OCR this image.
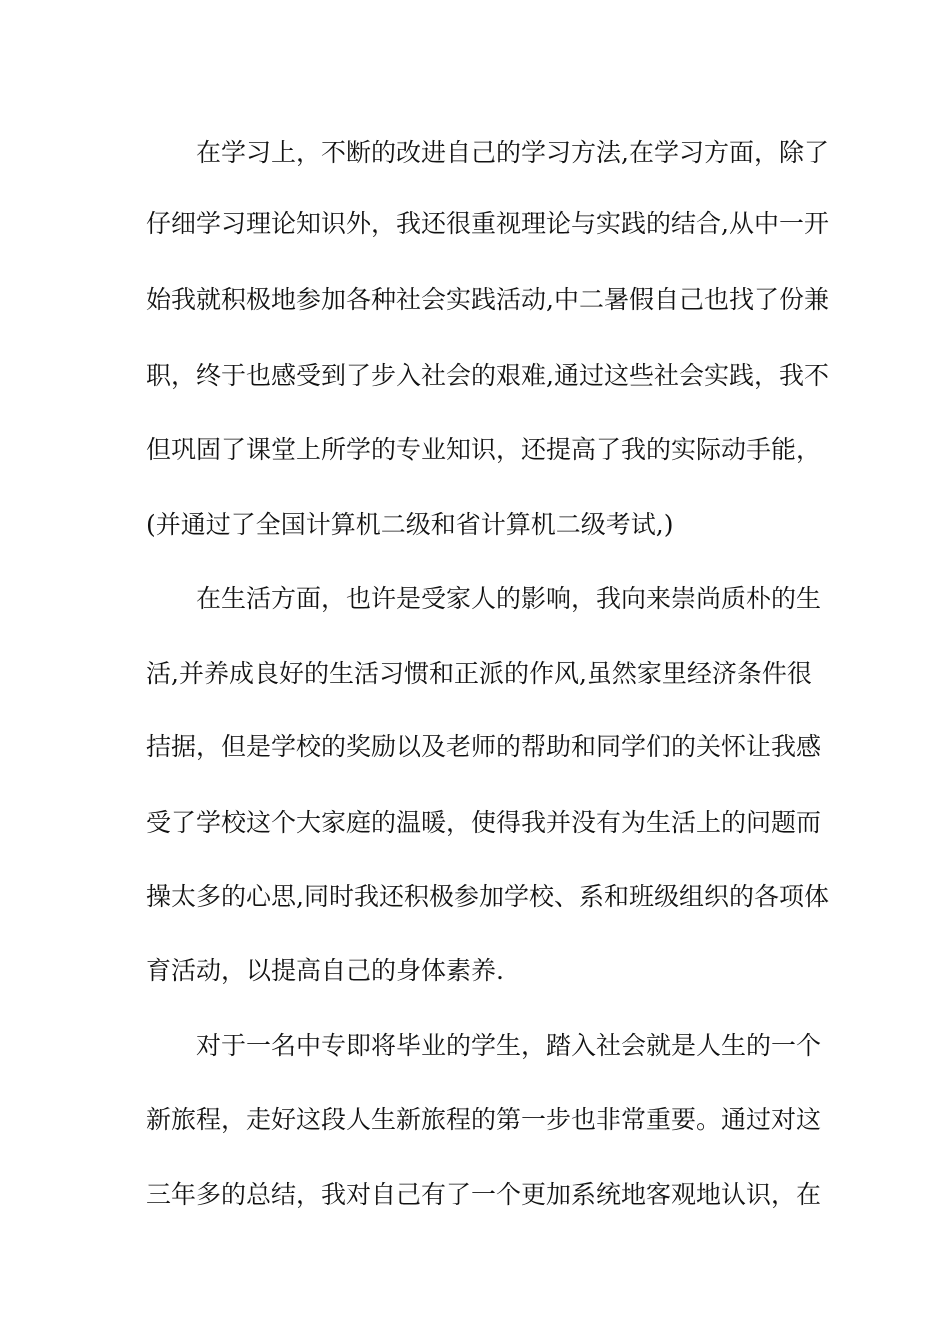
在学习上，不断的改进自己的学习方法,在学习方面，除了
仔细学习理论知识外，我还很重视理论与实践的结合,从中一开
始我就积极地参加各种社会实践活动,中二暑假自己也找了份兼
职，终于也感受到了步入社会的艰难,通过这些社会实践，我不
但巩固了课堂上所学的专业知识，还提高了我的实际动手能，
(并通过了全国计算机二级和省计算机二级考试,)
在生活方面，也许是受家人的影响，我向来崇尚质朴的生
活,并养成良好的生活习惯和正派的作风,虽然家里经济条件很
拮据，但是学校的奖励以及老师的帮助和同学们的关怀让我感
受了学校这个大家庭的温暖，使得我并没有为生活上的问题而
操太多的心思,同时我还积极参加学校、系和班级组织的各项体
育活动，以提高自己的身体素养.
对于一名中专即将毕业的学生，踏入社会就是人生的一个
新旅程，走好这段人生新旅程的第一步也非常重要。通过对这
三年多的总结，我对自己有了一个更加系统地客观地认识，在
